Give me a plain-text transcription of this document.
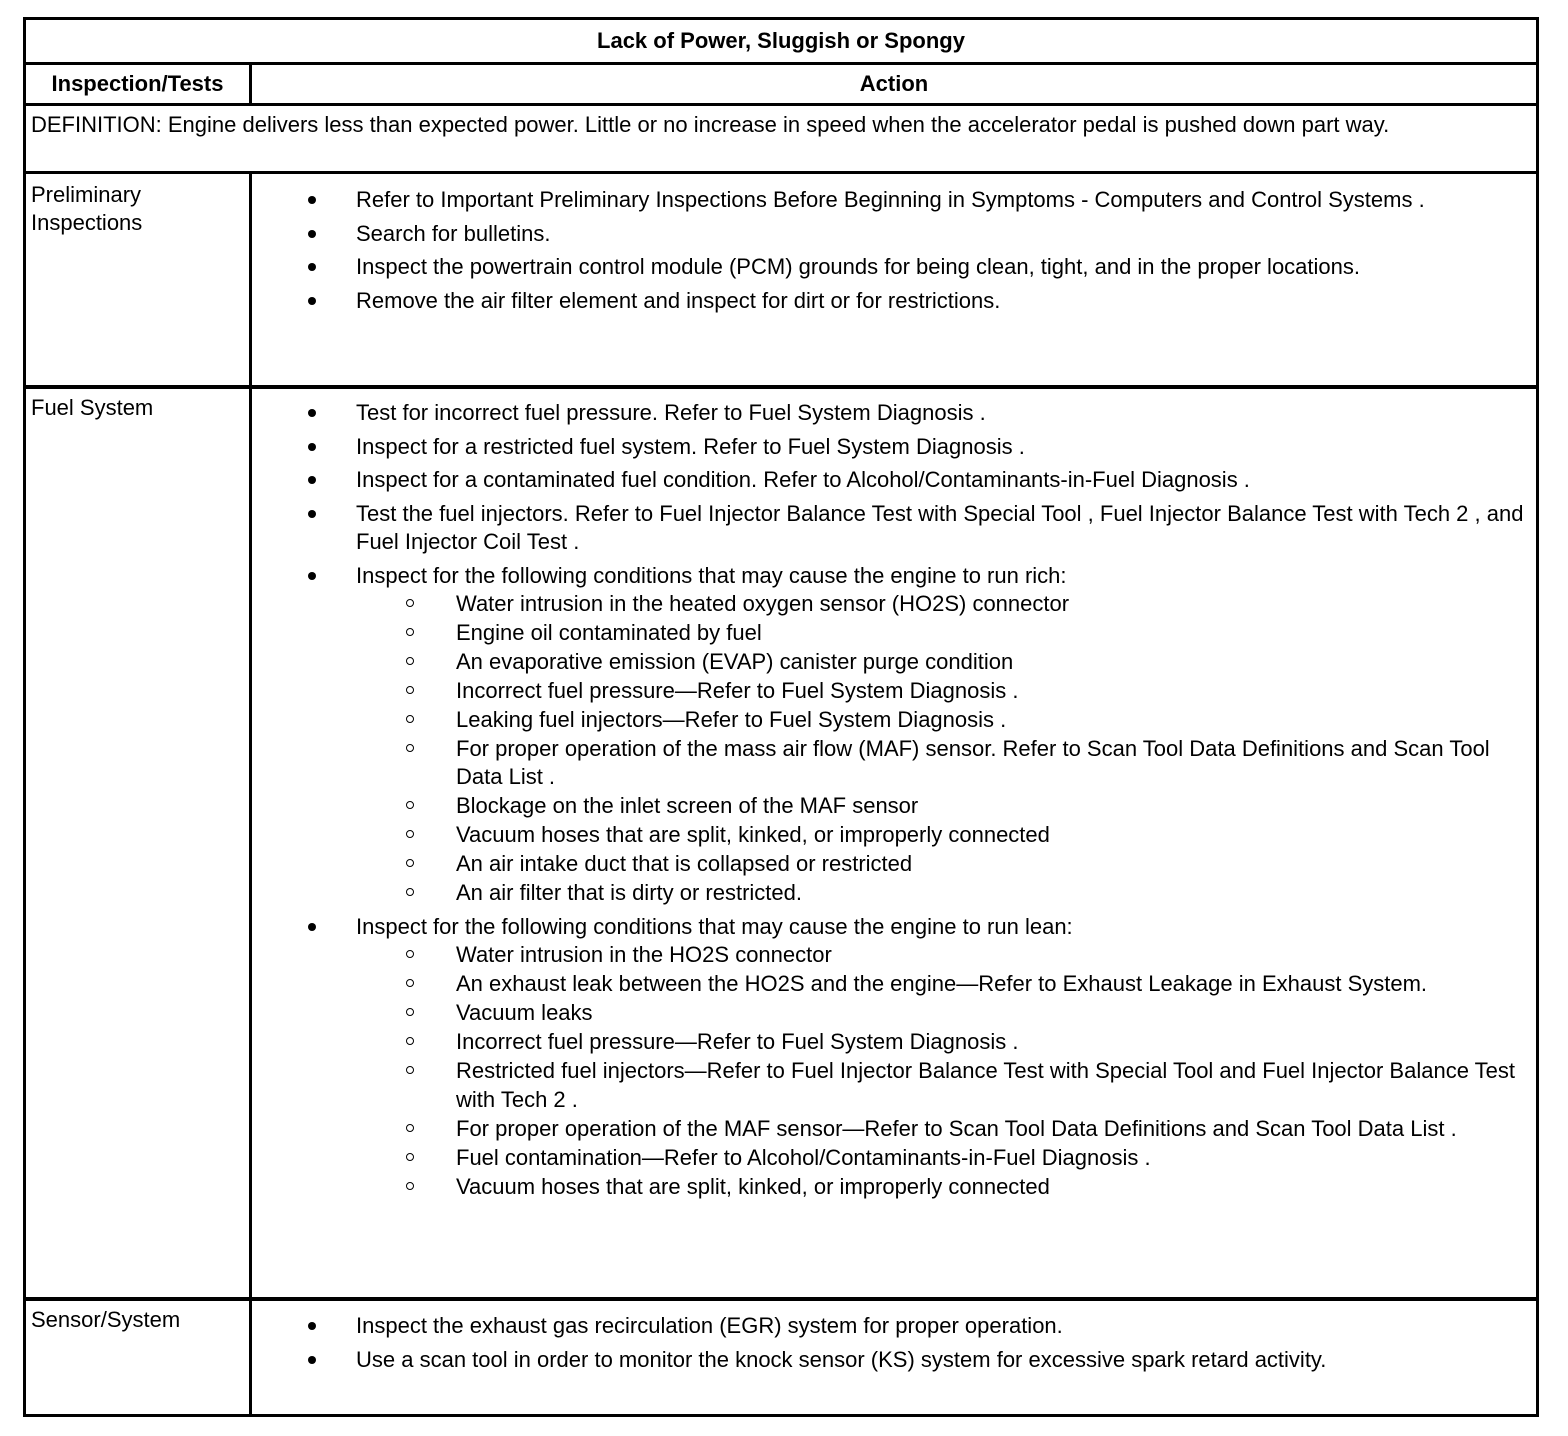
Lack of Power, Sluggish or Spongy
Inspection/Tests	Action
DEFINITION: Engine delivers less than expected power. Little or no increase in speed when the accelerator pedal is pushed down part way.
Preliminary Inspections
Refer to Important Preliminary Inspections Before Beginning in Symptoms - Computers and Control Systems .
Search for bulletins.
Inspect the powertrain control module (PCM) grounds for being clean, tight, and in the proper locations.
Remove the air filter element and inspect for dirt or for restrictions.
Fuel System	Test for incorrect fuel pressure. Refer to Fuel System Diagnosis .
Inspect for a restricted fuel system. Refer to Fuel System Diagnosis .
Inspect for a contaminated fuel condition. Refer to Alcohol/Contaminants-in-Fuel Diagnosis .
Test the fuel injectors. Refer to Fuel Injector Balance Test with Special Tool , Fuel Injector Balance Test with Tech 2 , and Fuel Injector Coil Test .
Inspect for the following conditions that may cause the engine to run rich:
Water intrusion in the heated oxygen sensor (HO2S) connector
Engine oil contaminated by fuel
An evaporative emission (EVAP) canister purge condition
Incorrect fuel pressure—Refer to Fuel System Diagnosis .
Leaking fuel injectors—Refer to Fuel System Diagnosis .
For proper operation of the mass air flow (MAF) sensor. Refer to Scan Tool Data Definitions and Scan Tool Data List .
Blockage on the inlet screen of the MAF sensor
Vacuum hoses that are split, kinked, or improperly connected
An air intake duct that is collapsed or restricted
An air filter that is dirty or restricted.
Inspect for the following conditions that may cause the engine to run lean:
Water intrusion in the HO2S connector
An exhaust leak between the HO2S and the engine—Refer to Exhaust Leakage in Exhaust System.
Vacuum leaks
Incorrect fuel pressure—Refer to Fuel System Diagnosis .
Restricted fuel injectors—Refer to Fuel Injector Balance Test with Special Tool and Fuel Injector Balance Test with Tech 2 .
For proper operation of the MAF sensor—Refer to Scan Tool Data Definitions and Scan Tool Data List .
Fuel contamination—Refer to Alcohol/Contaminants-in-Fuel Diagnosis .
Vacuum hoses that are split, kinked, or improperly connected
Sensor/System	Inspect the exhaust gas recirculation (EGR) system for proper operation.
Use a scan tool in order to monitor the knock sensor (KS) system for excessive spark retard activity.
